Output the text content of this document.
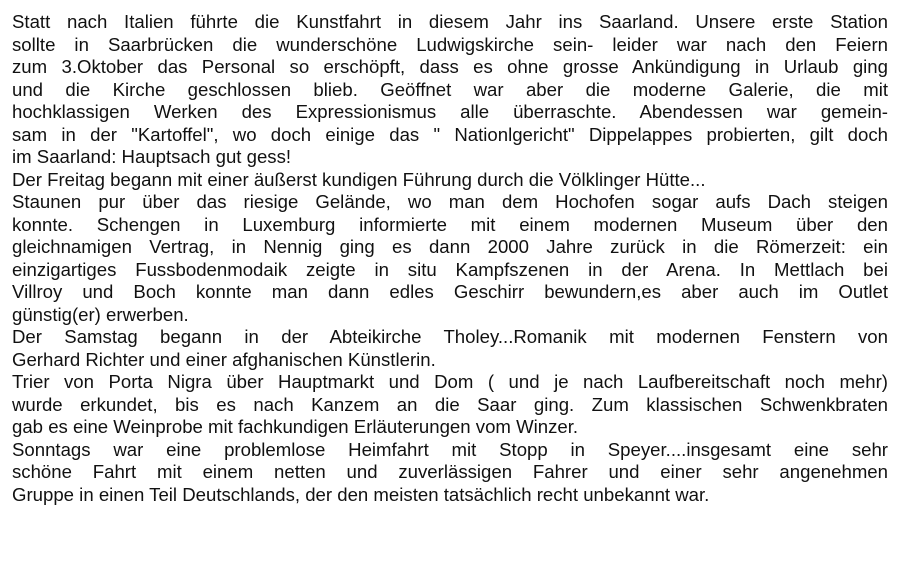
Statt nach Italien führte die Kunstfahrt in diesem Jahr ins Saarland. Unsere erste Station
sollte in Saarbrücken die wunderschöne Ludwigskirche sein- leider war nach den Feiern
zum 3.Oktober das Personal so erschöpft, dass es ohne grosse Ankündigung in Urlaub ging
und die Kirche geschlossen blieb. Geöffnet war aber die moderne Galerie, die mit
hochklassigen Werken des Expressionismus alle überraschte. Abendessen war gemein-
sam in der "Kartoffel", wo doch einige das " Nationlgericht" Dippelappes probierten, gilt doch
im Saarland: Hauptsach gut gess!

Der Freitag begann mit einer äußerst kundigen Führung durch die Völklinger Hütte...
Staunen pur über das riesige Gelände, wo man dem Hochofen sogar aufs Dach steigen
konnte. Schengen in Luxemburg informierte mit einem modernen Museum über den
gleichnamigen Vertrag, in Nennig ging es dann 2000 Jahre zurück in die Römerzeit: ein
einzigartiges Fussbodenmodaik zeigte in situ Kampfszenen in der Arena. In Mettlach bei
Villroy und Boch konnte man dann edles Geschirr bewundern,es aber auch im Outlet
günstig(er) erwerben.

Der Samstag begann in der Abteikirche Tholey...Romanik mit modernen Fenstern von
Gerhard Richter und einer afghanischen Künstlerin.

Trier von Porta Nigra über Hauptmarkt und Dom ( und je nach Laufbereitschaft noch mehr)
wurde erkundet, bis es nach Kanzem an die Saar ging. Zum klassischen Schwenkbraten
gab es eine Weinprobe mit fachkundigen Erläuterungen vom Winzer.

Sonntags war eine problemlose Heimfahrt mit Stopp in Speyer....insgesamt eine sehr
schöne Fahrt mit einem netten und zuverlässigen Fahrer und einer sehr angenehmen
Gruppe in einen Teil Deutschlands, der den meisten tatsächlich recht unbekannt war.
